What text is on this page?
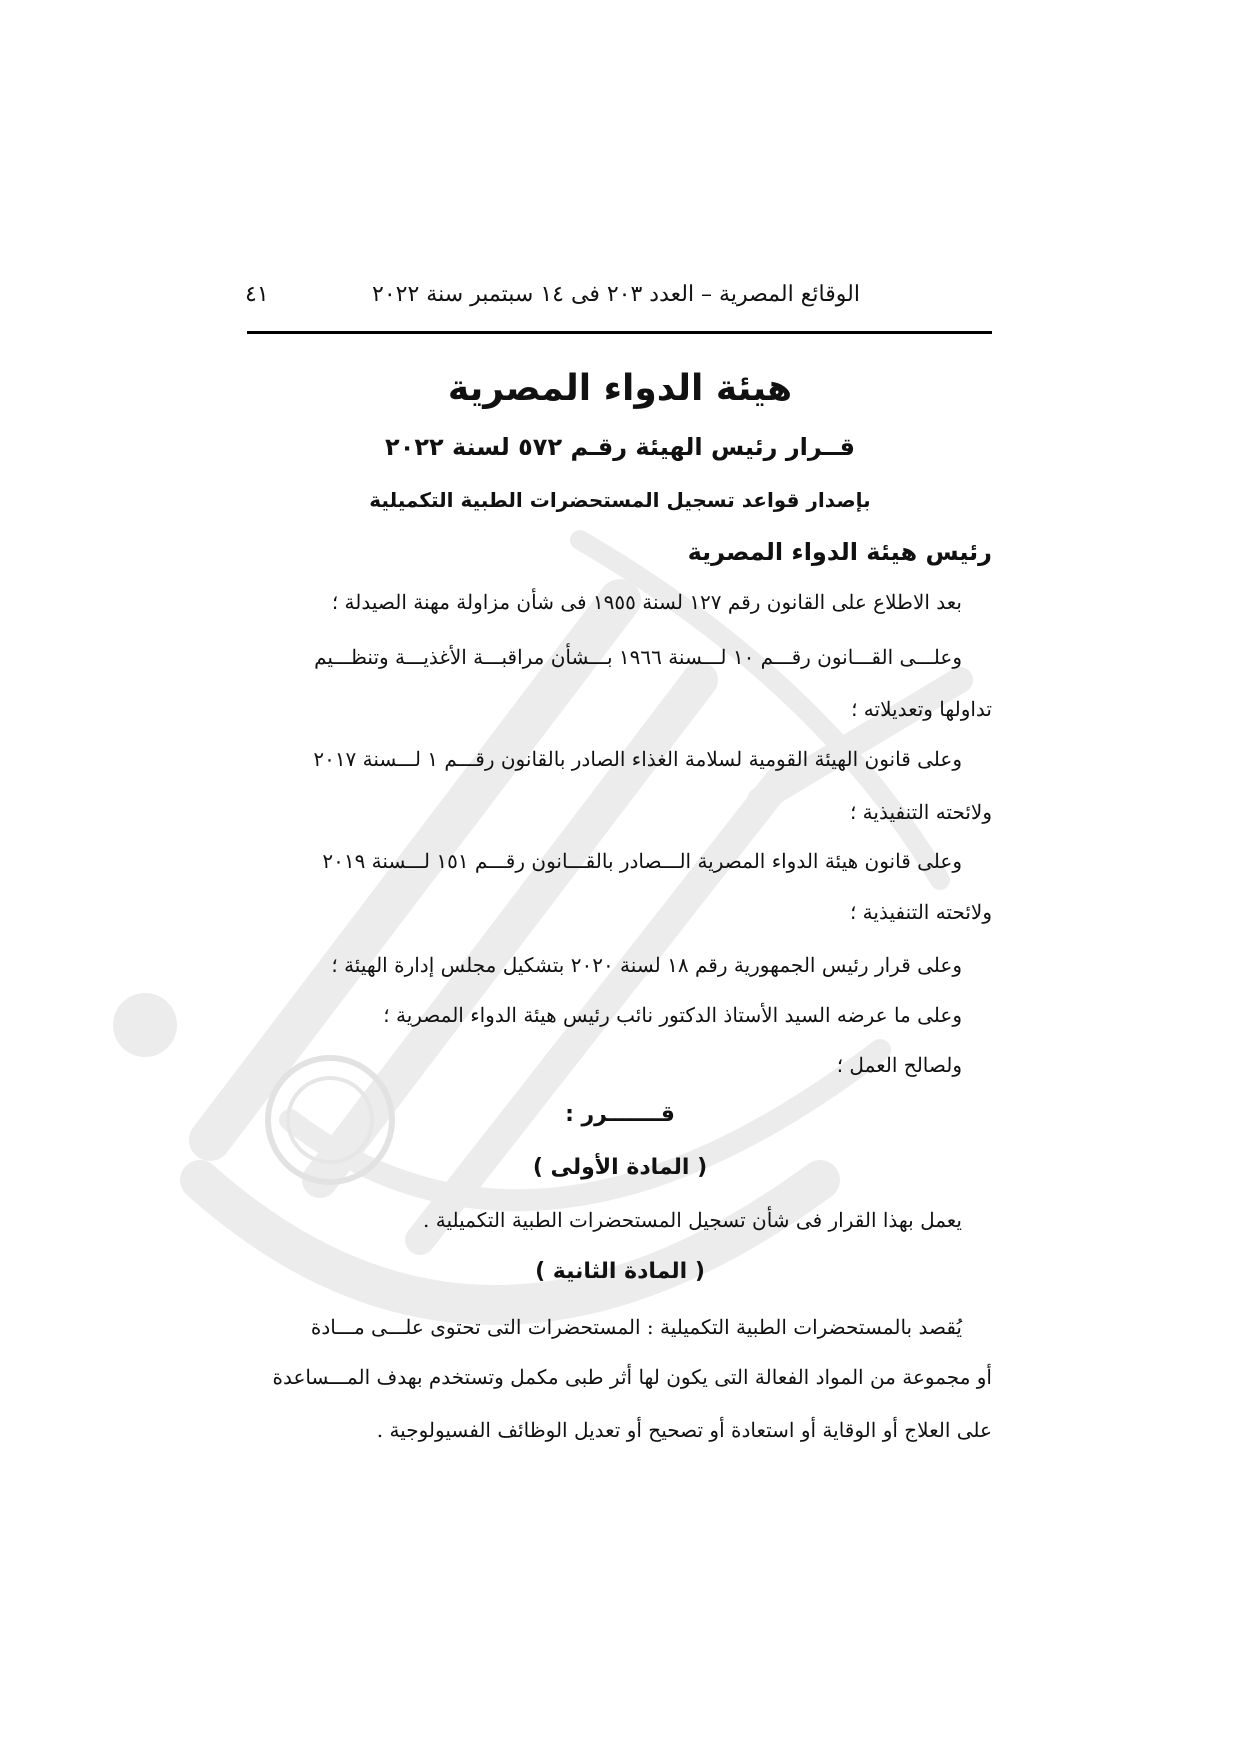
الوقائع المصرية – العدد ٢٠٣ فى ١٤ سبتمبر سنة ٢٠٢٢
٤١
هيئة الدواء المصرية
قــرار رئيس الهيئة رقـم ٥٧٢ لسنة ٢٠٢٢
بإصدار قواعد تسجيل المستحضرات الطبية التكميلية
رئيس هيئة الدواء المصرية
بعد الاطلاع على القانون رقم ١٢٧ لسنة ١٩٥٥ فى شأن مزاولة مهنة الصيدلة ؛
وعلـــى القـــانون رقـــم ١٠ لـــسنة ١٩٦٦ بـــشأن مراقبـــة الأغذيـــة وتنظـــيم
تداولها وتعديلاته ؛
وعلى قانون الهيئة القومية لسلامة الغذاء الصادر بالقانون رقـــم ١ لـــسنة ٢٠١٧
ولائحته التنفيذية ؛
وعلى قانون هيئة الدواء المصرية الـــصادر بالقـــانون رقـــم ١٥١ لـــسنة ٢٠١٩
ولائحته التنفيذية ؛
وعلى قرار رئيس الجمهورية رقم ١٨ لسنة ٢٠٢٠ بتشكيل مجلس إدارة الهيئة ؛
وعلى ما عرضه السيد الأستاذ الدكتور نائب رئيس هيئة الدواء المصرية ؛
ولصالح العمل ؛
قـــــــرر :
( المادة الأولى )
يعمل بهذا القرار فى شأن تسجيل المستحضرات الطبية التكميلية .
( المادة الثانية )
يُقصد بالمستحضرات الطبية التكميلية : المستحضرات التى تحتوى علـــى مـــادة
أو مجموعة من المواد الفعالة التى يكون لها أثر طبى مكمل وتستخدم بهدف المـــساعدة
على العلاج أو الوقاية أو استعادة أو تصحيح أو تعديل الوظائف الفسيولوجية .
